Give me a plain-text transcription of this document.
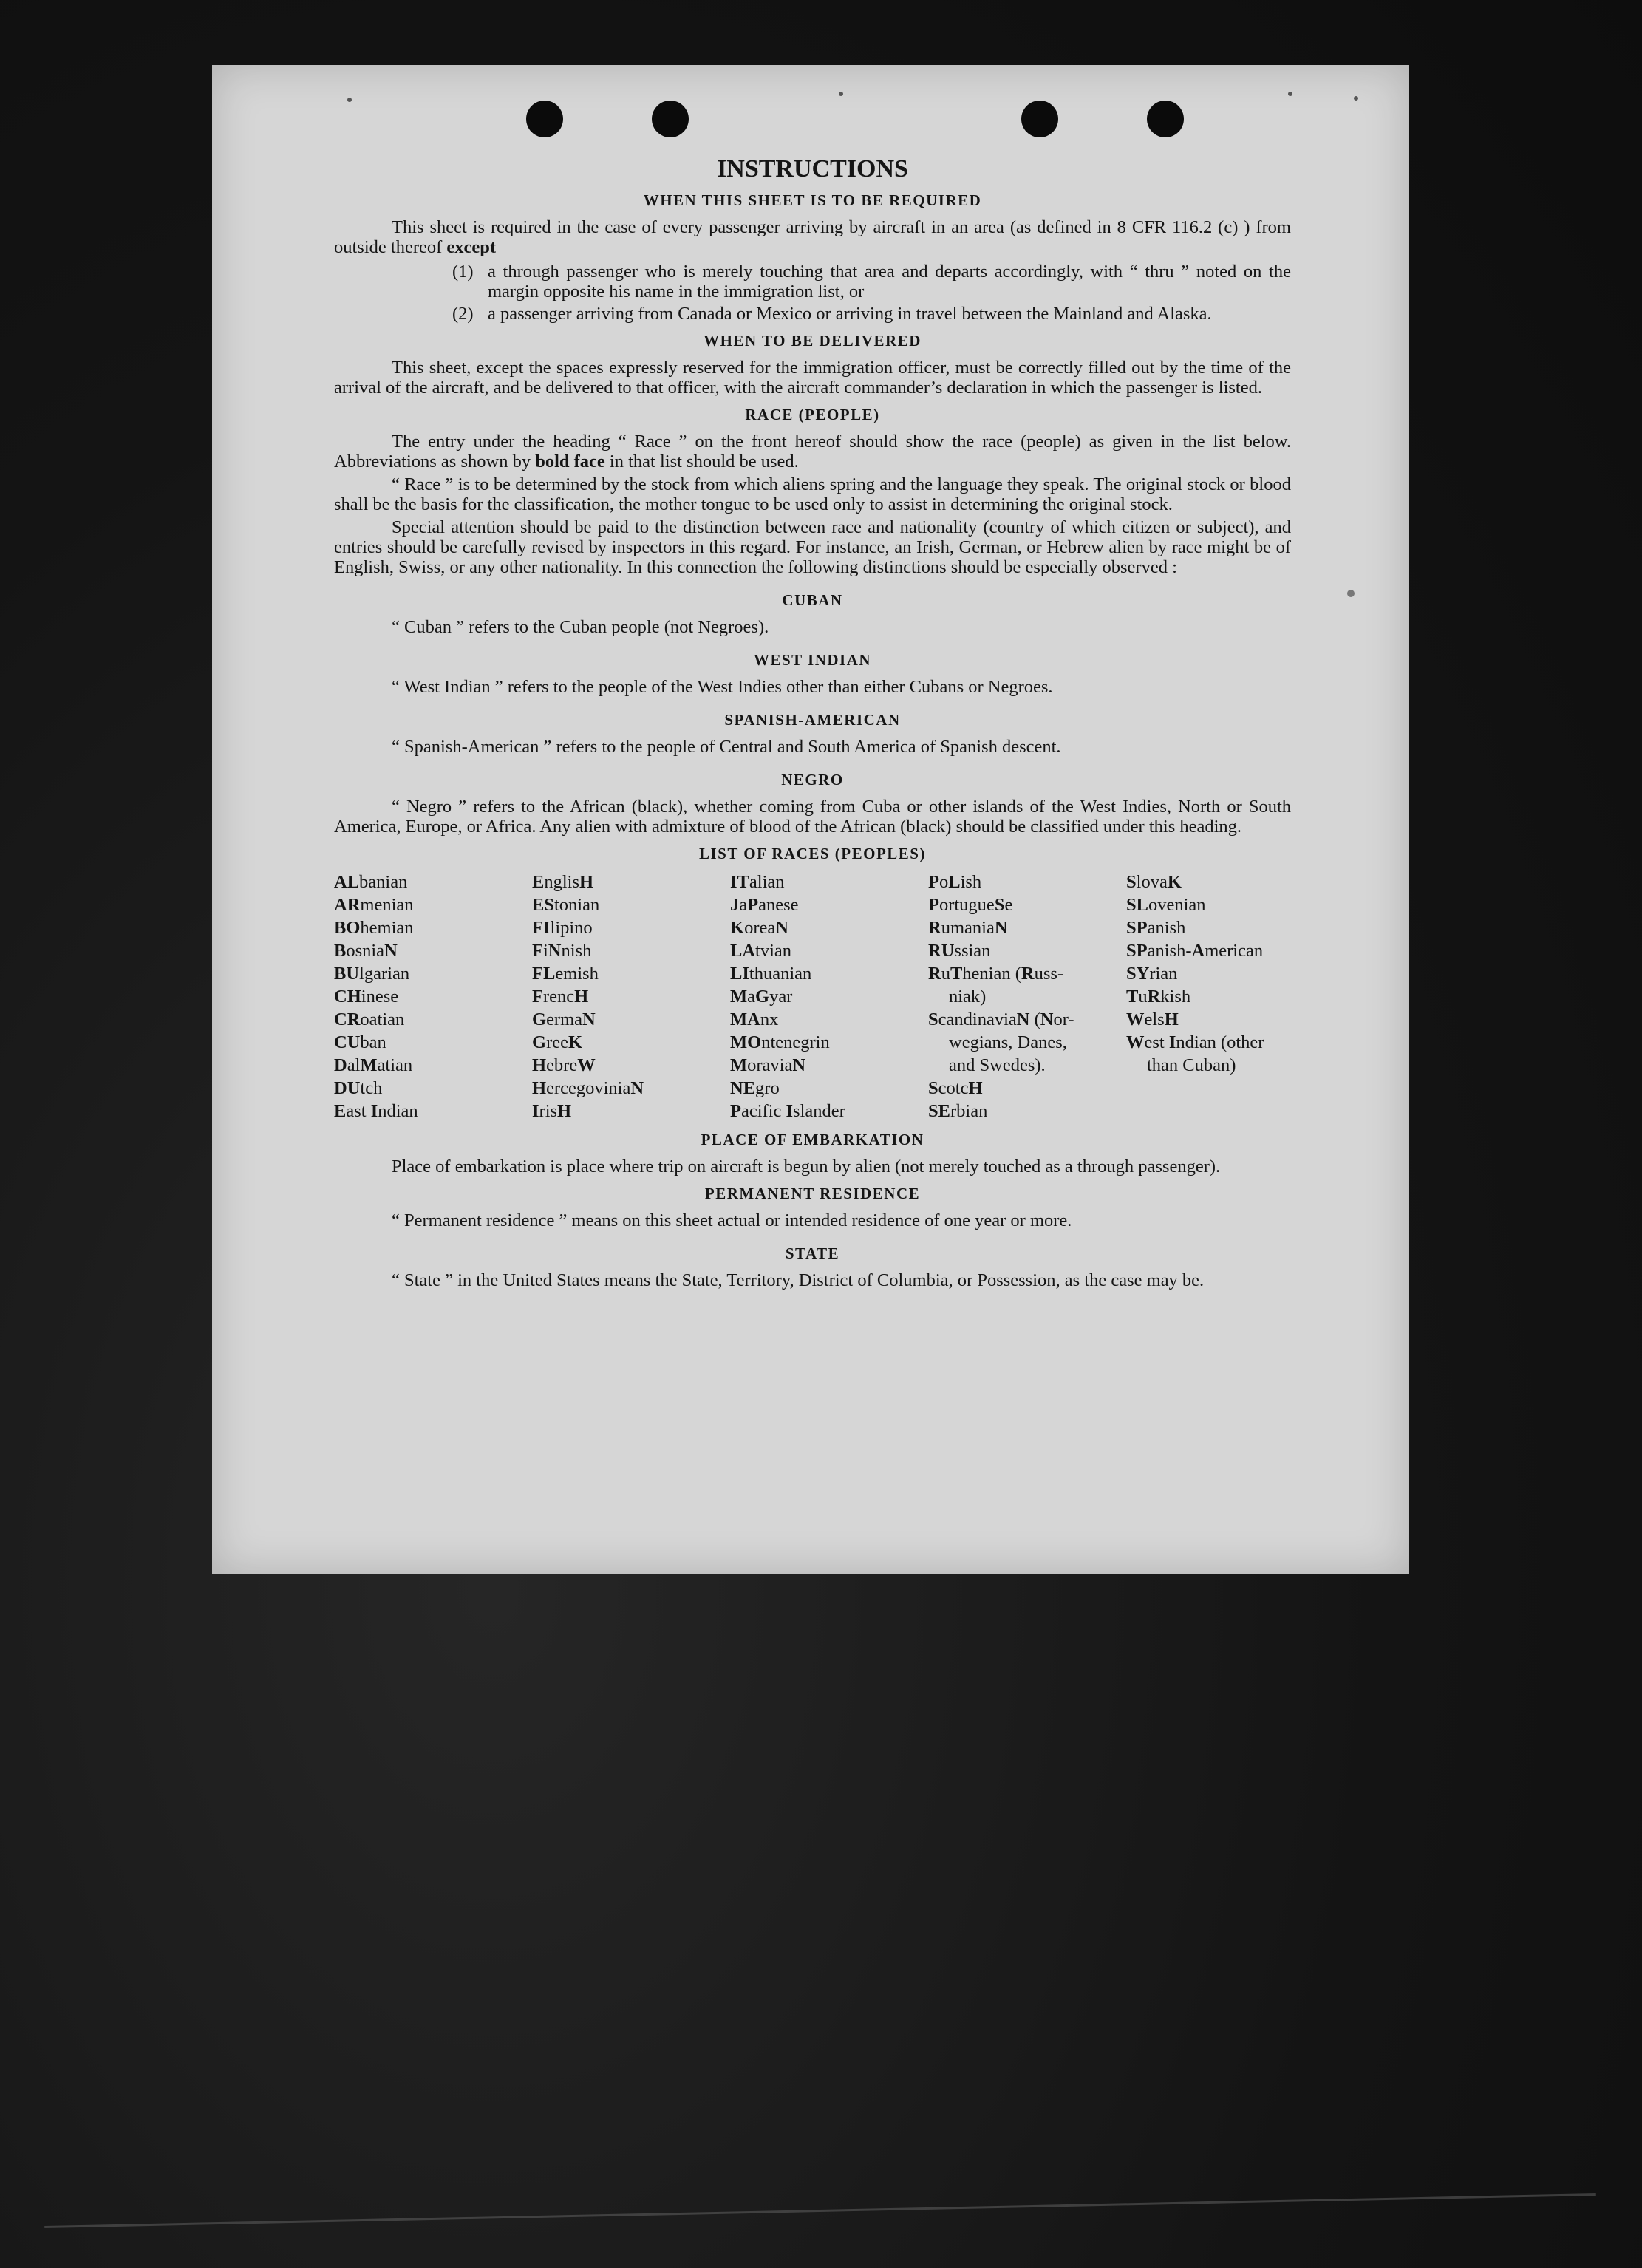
INSTRUCTIONS
WHEN THIS SHEET IS TO BE REQUIRED

This sheet is required in the case of every passenger arriving by aircraft in an area (as defined in 8 CFR 116.2 (c) ) from outside thereof except

(1) a through passenger who is merely touching that area and departs accordingly, with “ thru ” noted on the margin opposite his name in the immigration list, or
(2) a passenger arriving from Canada or Mexico or arriving in travel between the Mainland and Alaska.
WHEN TO BE DELIVERED

This sheet, except the spaces expressly reserved for the immigration officer, must be correctly filled out by the time of the arrival of the aircraft, and be delivered to that officer, with the aircraft commander’s declaration in which the passenger is listed.

RACE (PEOPLE)

The entry under the heading “ Race ” on the front hereof should show the race (people) as given in the list below. Abbreviations as shown by bold face in that list should be used.

“ Race ” is to be determined by the stock from which aliens spring and the language they speak. The original stock or blood shall be the basis for the classification, the mother tongue to be used only to assist in determining the original stock.

Special attention should be paid to the distinction between race and nationality (country of which citizen or subject), and entries should be carefully revised by inspectors in this regard. For instance, an Irish, German, or Hebrew alien by race might be of English, Swiss, or any other nationality. In this connection the following distinctions should be especially observed :

CUBAN

“ Cuban ” refers to the Cuban people (not Negroes).

WEST INDIAN

“ West Indian ” refers to the people of the West Indies other than either Cubans or Negroes.

SPANISH-AMERICAN

“ Spanish-American ” refers to the people of Central and South America of Spanish descent.

NEGRO

“ Negro ” refers to the African (black), whether coming from Cuba or other islands of the West Indies, North or South America, Europe, or Africa. Any alien with admixture of blood of the African (black) should be classified under this heading.

LIST OF RACES (PEOPLES)
ALbanian
ARmenian
BOhemian
BosniaN
BUlgarian
CHinese
CRoatian
CUban
DalMatian
DUtch
East Indian
EnglisH
EStonian
FIlipino
FiNnish
FLemish
FrencH
GermaN
GreeK
HebreW
HercegoviniaN
IrisH
ITalian
JaPanese
KoreaN
LAtvian
LIthuanian
MaGyar
MAnx
MOntenegrin
MoraviaN
NEgro
Pacific Islander
PoLish
PortugueSe
RumaniaN
RUssian
RuThenian (Russ-
niak)
ScandinaviaN (Nor-
wegians, Danes,
and Swedes).
ScotcH
SErbian
SlovaK
SLovenian
SPanish
SPanish-American
SYrian
TuRkish
WelsH
West Indian (other
than Cuban)
PLACE OF EMBARKATION

Place of embarkation is place where trip on aircraft is begun by alien (not merely touched as a through passenger).

PERMANENT RESIDENCE

“ Permanent residence ” means on this sheet actual or intended residence of one year or more.

STATE

“ State ” in the United States means the State, Territory, District of Columbia, or Possession, as the case may be.
